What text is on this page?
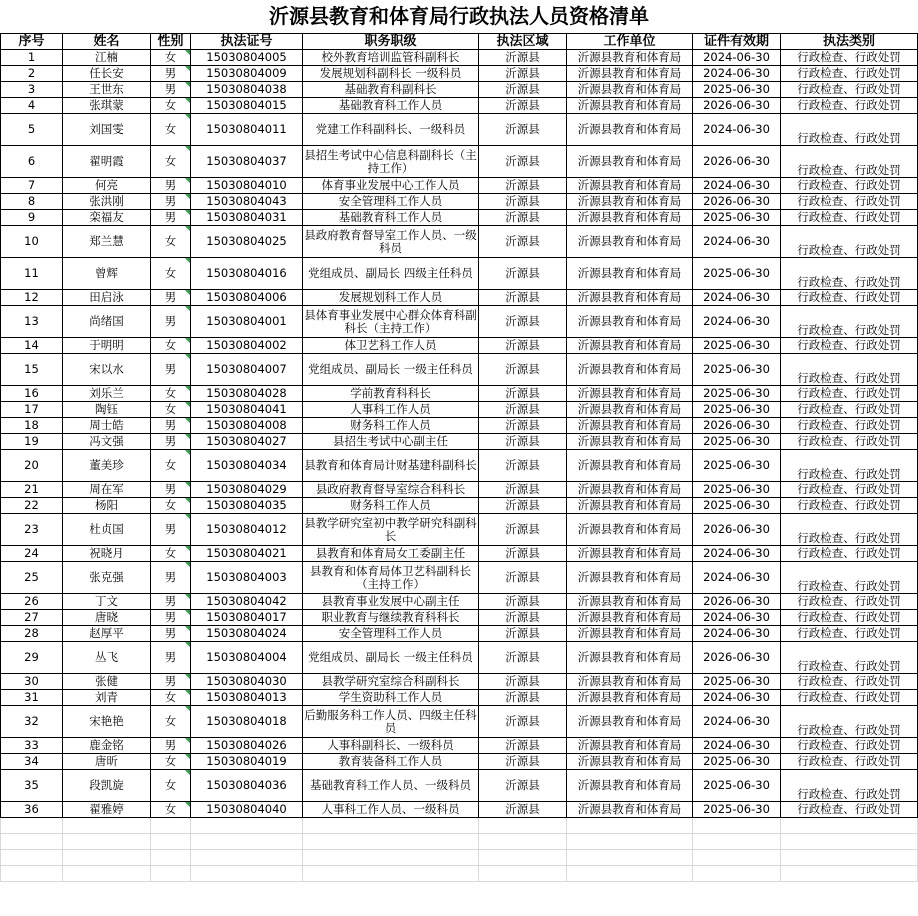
沂源县教育和体育局行政执法人员资格清单
序号	姓名	性别	执法证号	职务职级	执法区域	工作单位	证件有效期	执法类别
1	江楠	女	15030804005	校外教育培训监管科副科长	沂源县	沂源县教育和体育局	2024-06-30	行政检查、行政处罚
2	任长安	男	15030804009	发展规划科副科长 一级科员	沂源县	沂源县教育和体育局	2024-06-30	行政检查、行政处罚
3	王世东	男	15030804038	基础教育科副科长	沂源县	沂源县教育和体育局	2025-06-30	行政检查、行政处罚
4	张琪蒙	女	15030804015	基础教育科工作人员	沂源县	沂源县教育和体育局	2026-06-30	行政检查、行政处罚
5	刘国雯	女	15030804011	党建工作科副科长、一级科员	沂源县	沂源县教育和体育局	2024-06-30	行政检查、行政处罚
6	翟明霞	女	15030804037	县招生考试中心信息科副科长（主持工作）	沂源县	沂源县教育和体育局	2026-06-30	行政检查、行政处罚
7	何亮	男	15030804010	体育事业发展中心工作人员	沂源县	沂源县教育和体育局	2024-06-30	行政检查、行政处罚
8	张洪刚	男	15030804043	安全管理科工作人员	沂源县	沂源县教育和体育局	2026-06-30	行政检查、行政处罚
9	栾福友	男	15030804031	基础教育科工作人员	沂源县	沂源县教育和体育局	2025-06-30	行政检查、行政处罚
10	郑兰慧	女	15030804025	县政府教育督导室工作人员、一级科员	沂源县	沂源县教育和体育局	2024-06-30	行政检查、行政处罚
11	曾辉	女	15030804016	党组成员、副局长 四级主任科员	沂源县	沂源县教育和体育局	2025-06-30	行政检查、行政处罚
12	田启泳	男	15030804006	发展规划科工作人员	沂源县	沂源县教育和体育局	2024-06-30	行政检查、行政处罚
13	尚绪国	男	15030804001	县体育事业发展中心群众体育科副科长（主持工作）	沂源县	沂源县教育和体育局	2024-06-30	行政检查、行政处罚
14	于明明	女	15030804002	体卫艺科工作人员	沂源县	沂源县教育和体育局	2025-06-30	行政检查、行政处罚
15	宋以水	男	15030804007	党组成员、副局长 一级主任科员	沂源县	沂源县教育和体育局	2025-06-30	行政检查、行政处罚
16	刘乐兰	女	15030804028	学前教育科科长	沂源县	沂源县教育和体育局	2025-06-30	行政检查、行政处罚
17	陶钰	女	15030804041	人事科工作人员	沂源县	沂源县教育和体育局	2025-06-30	行政检查、行政处罚
18	周士皓	男	15030804008	财务科工作人员	沂源县	沂源县教育和体育局	2026-06-30	行政检查、行政处罚
19	冯文强	男	15030804027	县招生考试中心副主任	沂源县	沂源县教育和体育局	2025-06-30	行政检查、行政处罚
20	董美珍	女	15030804034	县教育和体育局计财基建科副科长	沂源县	沂源县教育和体育局	2025-06-30	行政检查、行政处罚
21	周在军	男	15030804029	县政府教育督导室综合科科长	沂源县	沂源县教育和体育局	2025-06-30	行政检查、行政处罚
22	杨阳	女	15030804035	财务科工作人员	沂源县	沂源县教育和体育局	2025-06-30	行政检查、行政处罚
23	杜贞国	男	15030804012	县教学研究室初中教学研究科副科长	沂源县	沂源县教育和体育局	2026-06-30	行政检查、行政处罚
24	祝晓月	女	15030804021	县教育和体育局女工委副主任	沂源县	沂源县教育和体育局	2024-06-30	行政检查、行政处罚
25	张克强	男	15030804003	县教育和体育局体卫艺科副科长（主持工作）	沂源县	沂源县教育和体育局	2024-06-30	行政检查、行政处罚
26	丁文	男	15030804042	县教育事业发展中心副主任	沂源县	沂源县教育和体育局	2026-06-30	行政检查、行政处罚
27	唐晓	男	15030804017	职业教育与继续教育科科长	沂源县	沂源县教育和体育局	2024-06-30	行政检查、行政处罚
28	赵厚平	男	15030804024	安全管理科工作人员	沂源县	沂源县教育和体育局	2024-06-30	行政检查、行政处罚
29	丛飞	男	15030804004	党组成员、副局长 一级主任科员	沂源县	沂源县教育和体育局	2026-06-30	行政检查、行政处罚
30	张健	男	15030804030	县教学研究室综合科副科长	沂源县	沂源县教育和体育局	2025-06-30	行政检查、行政处罚
31	刘青	女	15030804013	学生资助科工作人员	沂源县	沂源县教育和体育局	2024-06-30	行政检查、行政处罚
32	宋艳艳	女	15030804018	后勤服务科工作人员、四级主任科员	沂源县	沂源县教育和体育局	2024-06-30	行政检查、行政处罚
33	鹿金铭	男	15030804026	人事科副科长、一级科员	沂源县	沂源县教育和体育局	2024-06-30	行政检查、行政处罚
34	唐昕	女	15030804019	教育装备科工作人员	沂源县	沂源县教育和体育局	2025-06-30	行政检查、行政处罚
35	段凯旋	女	15030804036	基础教育科工作人员、一级科员	沂源县	沂源县教育和体育局	2025-06-30	行政检查、行政处罚
36	翟雅婷	女	15030804040	人事科工作人员、一级科员	沂源县	沂源县教育和体育局	2025-06-30	行政检查、行政处罚
